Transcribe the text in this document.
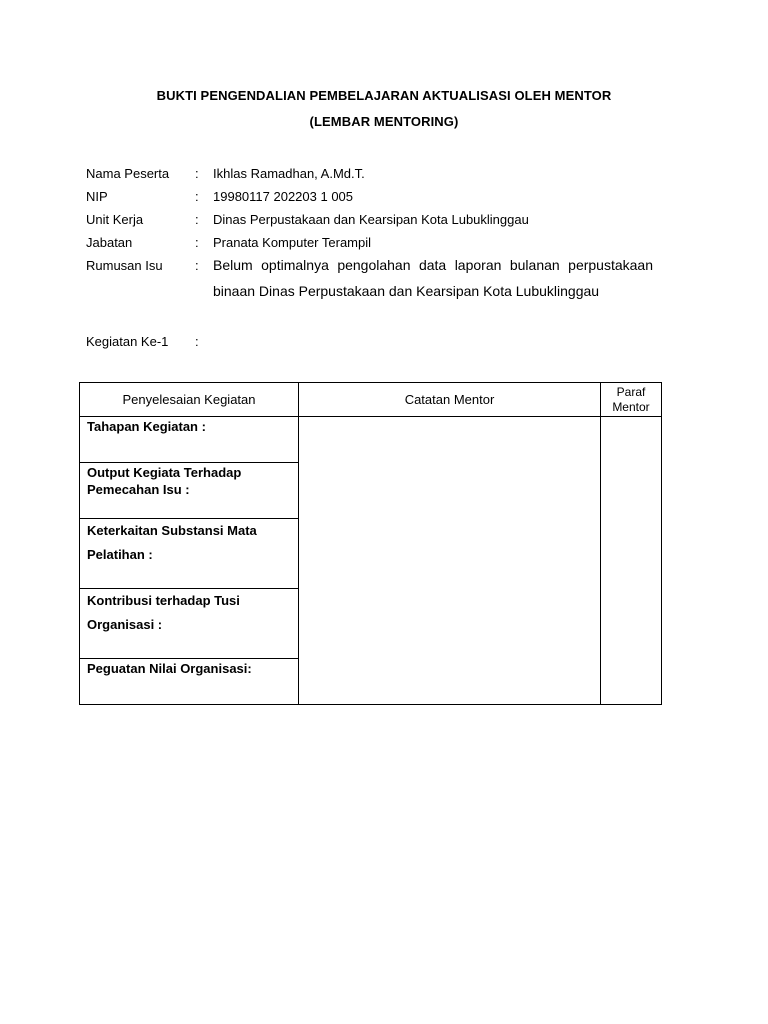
BUKTI PENGENDALIAN PEMBELAJARAN AKTUALISASI OLEH MENTOR
(LEMBAR MENTORING)
Nama Peserta : Ikhlas Ramadhan, A.Md.T.
NIP	: 19980117 202203 1 005
Unit Kerja	: Dinas Perpustakaan dan Kearsipan Kota Lubuklinggau
Jabatan	: Pranata Komputer Terampil
Rumusan Isu : Belum optimalnya pengolahan data laporan bulanan perpustakaan binaan Dinas Perpustakaan dan Kearsipan Kota Lubuklinggau
Kegiatan Ke-1 :
Penyelesaian Kegiatan	Catatan Mentor	Paraf Mentor

Tahapan Kegiatan :		

Output Kegiata Terhadap Pemecahan Isu :		

Keterkaitan Substansi Mata Pelatihan :		

Kontribusi terhadap Tusi Organisasi :		

Peguatan Nilai Organisasi:		
